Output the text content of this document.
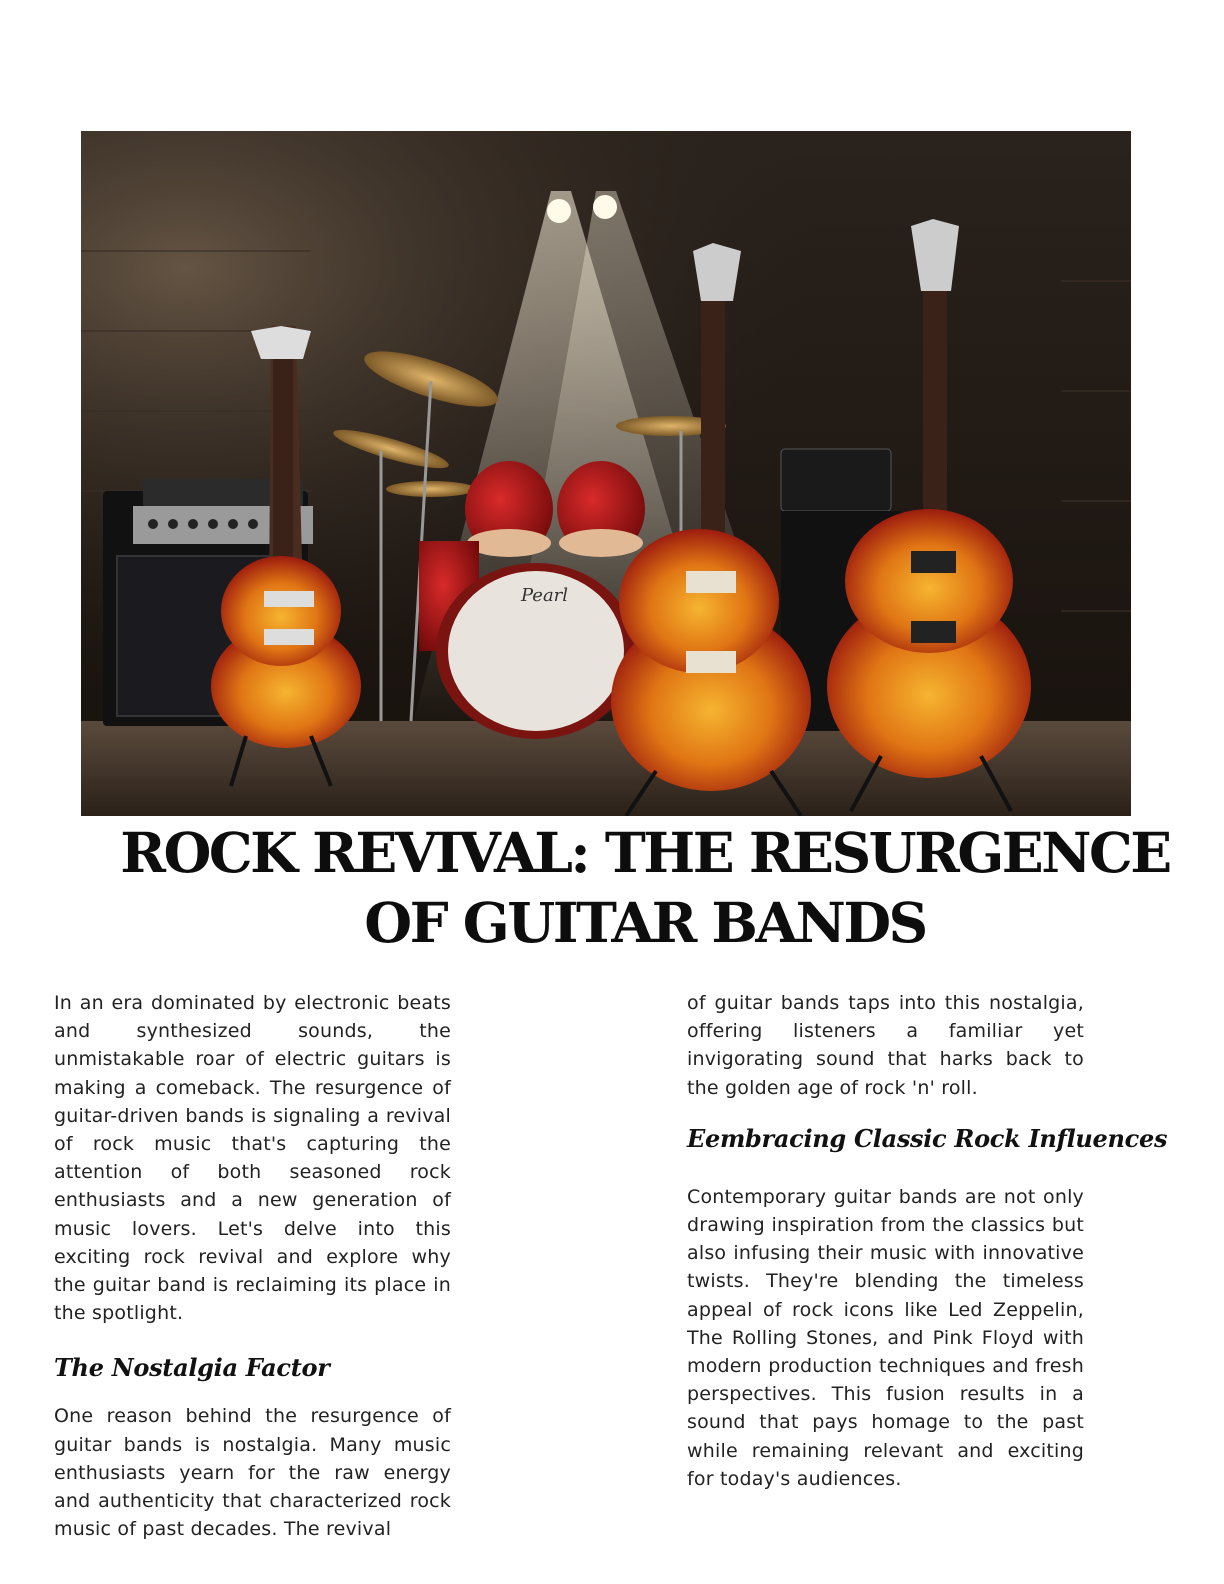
Pearl
ROCK REVIVAL: THE RESURGENCE OF GUITAR BANDS

In an era dominated by electronic beats and synthesized sounds, the unmistakable roar of electric guitars is making a comeback. The resurgence of guitar-driven bands is signaling a revival of rock music that's capturing the attention of both seasoned rock enthusiasts and a new generation of music lovers. Let's delve into this exciting rock revival and explore why the guitar band is reclaiming its place in the spotlight.

The Nostalgia Factor

One reason behind the resurgence of guitar bands is nostalgia. Many music enthusiasts yearn for the raw energy and authenticity that characterized rock music of past decades. The revival

of guitar bands taps into this nostalgia, offering listeners a familiar yet invigorating sound that harks back to the golden age of rock 'n' roll.

Eembracing Classic Rock Influences

Contemporary guitar bands are not only drawing inspiration from the classics but also infusing their music with innovative twists. They're blending the timeless appeal of rock icons like Led Zeppelin, The Rolling Stones, and Pink Floyd with modern production techniques and fresh perspectives. This fusion results in a sound that pays homage to the past while remaining relevant and exciting for today's audiences.
